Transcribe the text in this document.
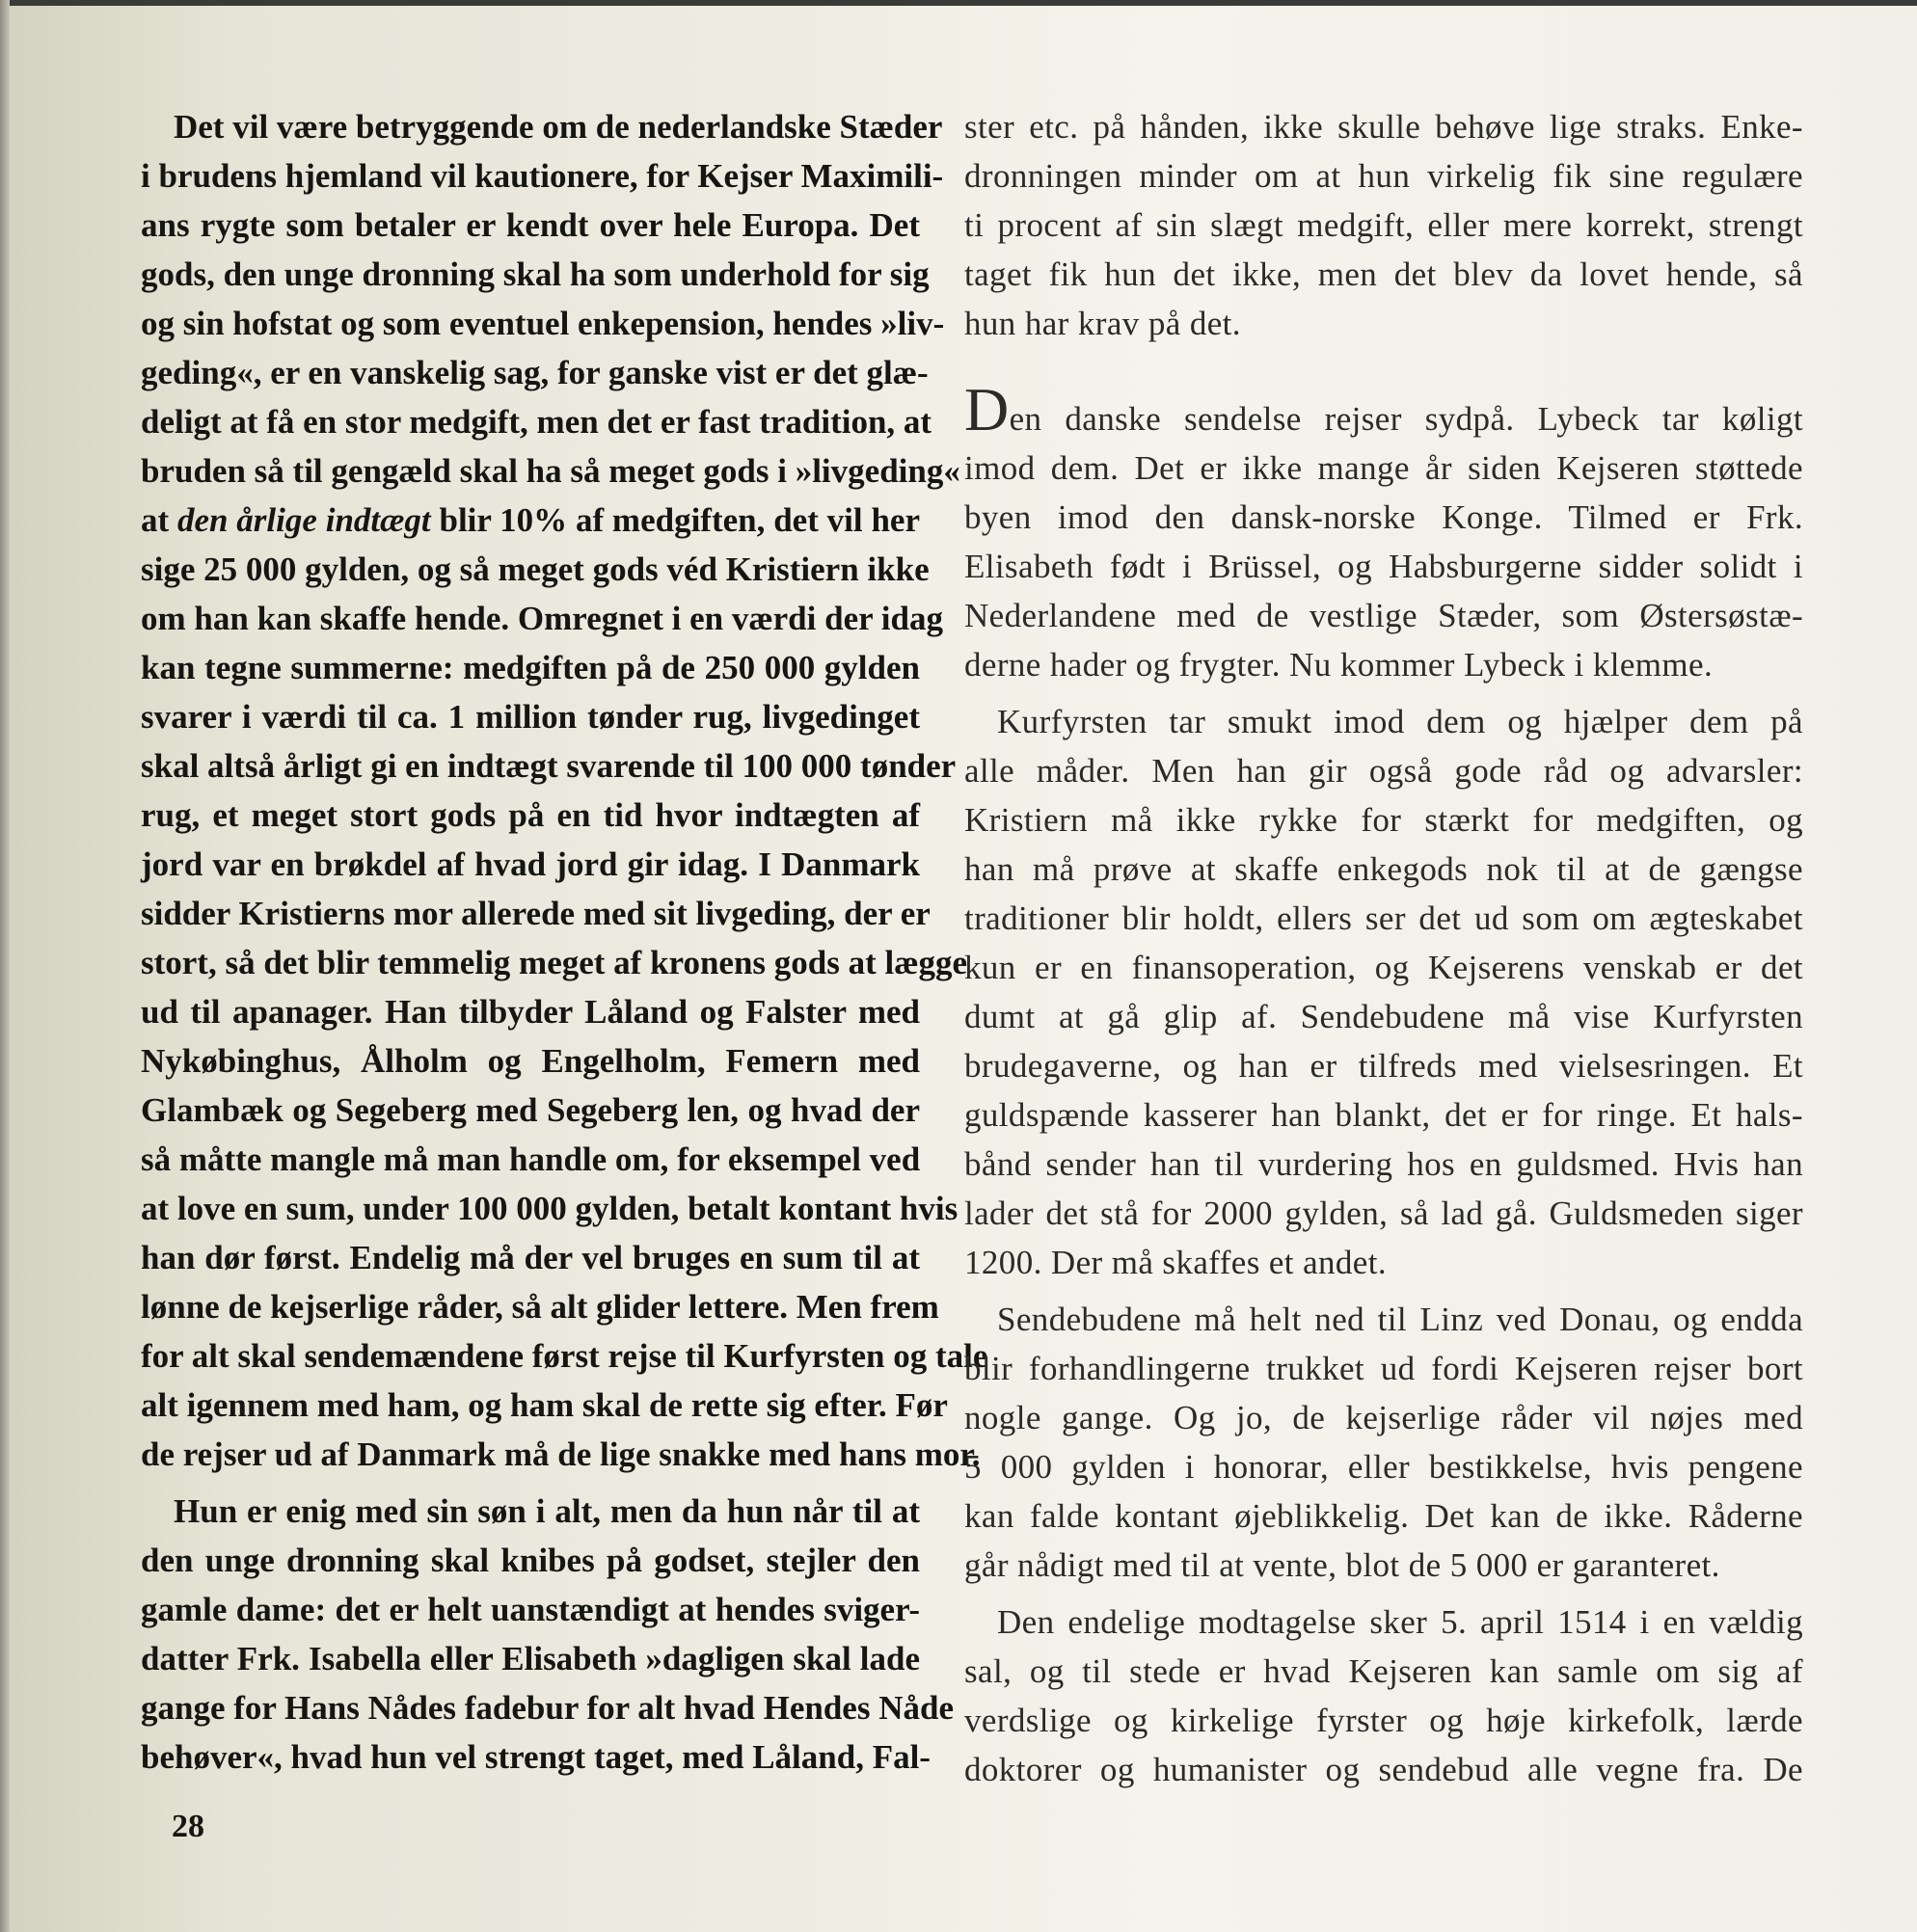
Det vil være betryggende om de nederlandske Stæder
i brudens hjemland vil kautionere, for Kejser Maximili-
ans rygte som betaler er kendt over hele Europa. Det
gods, den unge dronning skal ha som underhold for sig
og sin hofstat og som eventuel enkepension, hendes »liv-
geding«, er en vanskelig sag, for ganske vist er det glæ-
deligt at få en stor medgift, men det er fast tradition, at
bruden så til gengæld skal ha så meget gods i »livgeding«
at den årlige indtægt blir 10% af medgiften, det vil her
sige 25 000 gylden, og så meget gods véd Kristiern ikke
om han kan skaffe hende. Omregnet i en værdi der idag
kan tegne summerne: medgiften på de 250 000 gylden
svarer i værdi til ca. 1 million tønder rug, livgedinget
skal altså årligt gi en indtægt svarende til 100 000 tønder
rug, et meget stort gods på en tid hvor indtægten af
jord var en brøkdel af hvad jord gir idag. I Danmark
sidder Kristierns mor allerede med sit livgeding, der er
stort, så det blir temmelig meget af kronens gods at lægge
ud til apanager. Han tilbyder Låland og Falster med
Nykøbinghus, Ålholm og Engelholm, Femern med
Glambæk og Segeberg med Segeberg len, og hvad der
så måtte mangle må man handle om, for eksempel ved
at love en sum, under 100 000 gylden, betalt kontant hvis
han dør først. Endelig må der vel bruges en sum til at
lønne de kejserlige råder, så alt glider lettere. Men frem
for alt skal sendemændene først rejse til Kurfyrsten og tale
alt igennem med ham, og ham skal de rette sig efter. Før
de rejser ud af Danmark må de lige snakke med hans mor.
Hun er enig med sin søn i alt, men da hun når til at
den unge dronning skal knibes på godset, stejler den
gamle dame: det er helt uanstændigt at hendes sviger-
datter Frk. Isabella eller Elisabeth »dagligen skal lade
gange for Hans Nådes fadebur for alt hvad Hendes Nåde
behøver«, hvad hun vel strengt taget, med Låland, Fal-
ster etc. på hånden, ikke skulle behøve lige straks. Enke-
dronningen minder om at hun virkelig fik sine regulære
ti procent af sin slægt medgift, eller mere korrekt, strengt
taget fik hun det ikke, men det blev da lovet hende, så
hun har krav på det.
Den danske sendelse rejser sydpå. Lybeck tar køligt
imod dem. Det er ikke mange år siden Kejseren støttede
byen imod den dansk-norske Konge. Tilmed er Frk.
Elisabeth født i Brüssel, og Habsburgerne sidder solidt i
Nederlandene med de vestlige Stæder, som Østersøstæ-
derne hader og frygter. Nu kommer Lybeck i klemme.
Kurfyrsten tar smukt imod dem og hjælper dem på
alle måder. Men han gir også gode råd og advarsler:
Kristiern må ikke rykke for stærkt for medgiften, og
han må prøve at skaffe enkegods nok til at de gængse
traditioner blir holdt, ellers ser det ud som om ægteskabet
kun er en finansoperation, og Kejserens venskab er det
dumt at gå glip af. Sendebudene må vise Kurfyrsten
brudegaverne, og han er tilfreds med vielsesringen. Et
guldspænde kasserer han blankt, det er for ringe. Et hals-
bånd sender han til vurdering hos en guldsmed. Hvis han
lader det stå for 2000 gylden, så lad gå. Guldsmeden siger
1200. Der må skaffes et andet.
Sendebudene må helt ned til Linz ved Donau, og endda
blir forhandlingerne trukket ud fordi Kejseren rejser bort
nogle gange. Og jo, de kejserlige råder vil nøjes med
5 000 gylden i honorar, eller bestikkelse, hvis pengene
kan falde kontant øjeblikkelig. Det kan de ikke. Råderne
går nådigt med til at vente, blot de 5 000 er garanteret.
Den endelige modtagelse sker 5. april 1514 i en vældig
sal, og til stede er hvad Kejseren kan samle om sig af
verdslige og kirkelige fyrster og høje kirkefolk, lærde
doktorer og humanister og sendebud alle vegne fra. De
28
